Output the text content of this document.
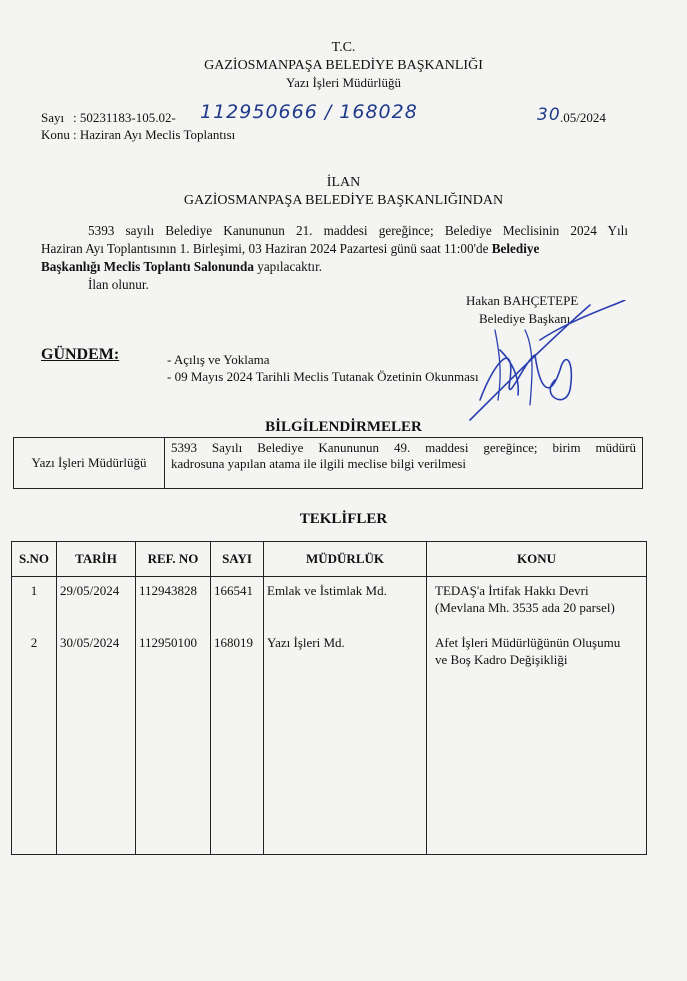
T.C.
GAZİOSMANPAŞA BELEDİYE BAŞKANLIĞI
Yazı İşleri Müdürlüğü
Sayı : 50231183-105.02- 112950666 / 168028	30 .05/2024
Konu : Haziran Ayı Meclis Toplantısı
İLAN
GAZİOSMANPAŞA BELEDİYE BAŞKANLIĞINDAN
5393 sayılı Belediye Kanununun 21. maddesi gereğince; Belediye Meclisinin 2024 Yılı
Haziran Ayı Toplantısının 1. Birleşimi, 03 Haziran 2024 Pazartesi günü saat 11:00'de Belediye
Başkanlığı Meclis Toplantı Salonunda yapılacaktır.
İlan olunur.
Hakan BAHÇETEPE
Belediye Başkanı
GÜNDEM:	- Açılış ve Yoklama
- 09 Mayıs 2024 Tarihli Meclis Tutanak Özetinin Okunması
BİLGİLENDİRMELER
Yazı İşleri Müdürlüğü	
5393 Sayılı Belediye Kanununun 49. maddesi gereğince; birim müdürü
kadrosuna yapılan atama ile ilgili meclise bilgi verilmesi
TEKLİFLER
S.NO	TARİH	REF. NO	SAYI	MÜDÜRLÜK	KONU
1	29/05/2024	112943828	166541	Emlak ve İstimlak Md.	TEDAŞ'a İrtifak Hakkı Devri
(Mevlana Mh. 3535 ada 20 parsel)

2	30/05/2024	112950100	168019	Yazı İşleri Md.	Afet İşleri Müdürlüğünün Oluşumu
ve Boş Kadro Değişikliği
